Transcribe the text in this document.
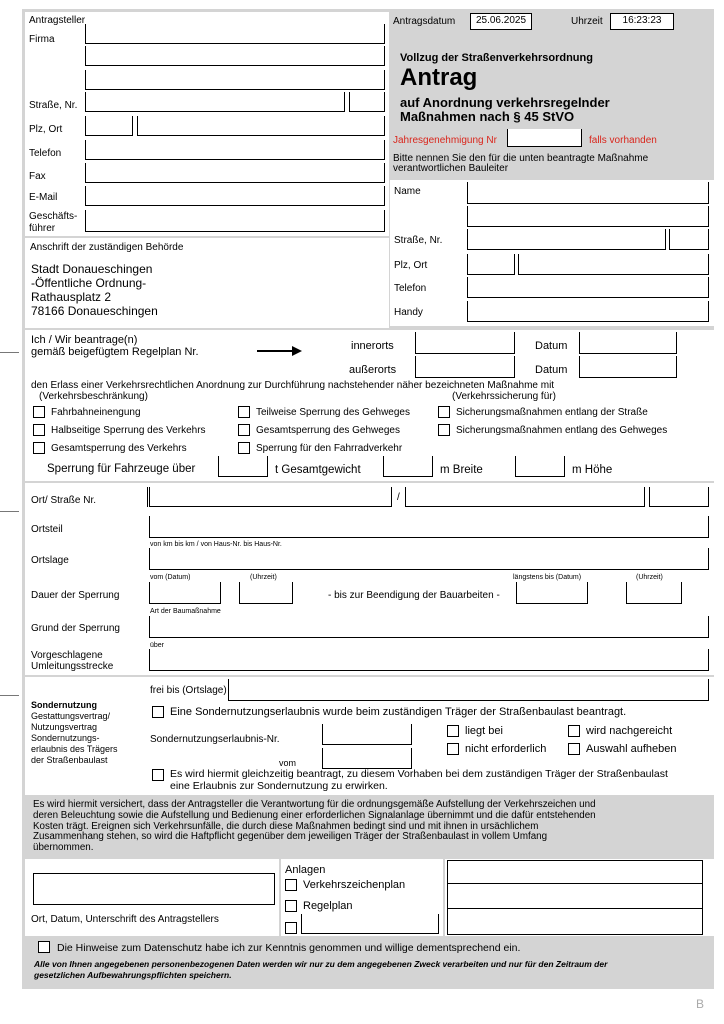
Antragsteller
Firma
Straße, Nr.
Plz, Ort
Telefon
Fax
E-Mail
Geschäfts-
führer
Antragsdatum	25.06.2025	Uhrzeit	16:23:23
Vollzug der Straßenverkehrsordnung
Antrag
auf Anordnung verkehrsregelnder
Maßnahmen nach § 45 StVO
Jahresgenehmigung Nr	falls vorhanden
Bitte nennen Sie den für die unten beantragte Maßnahme
verantwortlichen Bauleiter
Name
Straße, Nr.
Plz, Ort
Telefon
Handy
Anschrift der zuständigen Behörde
Stadt Donaueschingen
-Öffentliche Ordnung-
Rathausplatz 2
78166 Donaueschingen
Ich / Wir beantrage(n)
gemäß beigefügtem Regelplan Nr.	innerorts	Datum
außerorts	Datum
den Erlass einer Verkehrsrechtlichen Anordnung zur Durchführung nachstehender näher bezeichneten Maßnahme mit
(Verkehrsbeschränkung)	(Verkehrssicherung für)
Fahrbahneinengung
Halbseitige Sperrung des Verkehrs
Gesamtsperrung des Verkehrs
Teilweise Sperrung des Gehweges
Gesamtsperrung des Gehweges
Sperrung für den Fahrradverkehr
Sicherungsmaßnahmen entlang der Straße
Sicherungsmaßnahmen entlang des Gehweges
Sperrung für Fahrzeuge über	t Gesamtgewicht	m Breite	m Höhe
Ort/ Straße Nr.	/
Ortsteil
von km bis km / von Haus-Nr. bis Haus-Nr.
Ortslage
vom (Datum)	(Uhrzeit)	längstens bis (Datum)	(Uhrzeit)
Dauer der Sperrung	- bis zur Beendigung der Bauarbeiten -
Art der Baumaßnahme
Grund der Sperrung
über
Vorgeschlagene
Umleitungsstrecke
Sondernutzung
Gestattungsvertrag/
Nutzungsvertrag
Sondernutzungs-
erlaubnis des Trägers
der Straßenbaulast
frei bis (Ortslage)
Eine Sondernutzungserlaubnis wurde beim zuständigen Träger der Straßenbaulast beantragt.
Sondernutzungserlaubnis-Nr.
vom
liegt bei
nicht erforderlich
wird nachgereicht
Auswahl aufheben
Es wird hiermit gleichzeitig beantragt, zu diesem Vorhaben bei dem zuständigen Träger der Straßenbaulast
eine Erlaubnis zur Sondernutzung zu erwirken.
Es wird hiermit versichert, dass der Antragsteller die Verantwortung für die ordnungsgemäße Aufstellung der Verkehrszeichen und
deren Beleuchtung sowie die Aufstellung und Bedienung einer erforderlichen Signalanlage übernimmt und die dafür entstehenden
Kosten trägt. Ereignen sich Verkehrsunfälle, die durch diese Maßnahmen bedingt sind und mit ihnen in ursächlichem
Zusammenhang stehen, so wird die Haftpflicht gegenüber dem jeweiligen Träger der Straßenbaulast in vollem Umfang
übernommen.
Ort, Datum, Unterschrift des Antragstellers
Anlagen
Verkehrszeichenplan
Regelplan
Die Hinweise zum Datenschutz habe ich zur Kenntnis genommen und willige dementsprechend ein.
Alle von Ihnen angegebenen personenbezogenen Daten werden wir nur zu dem angegebenen Zweck verarbeiten und nur für den Zeitraum der
gesetzlichen Aufbewahrungspflichten speichern.
B
